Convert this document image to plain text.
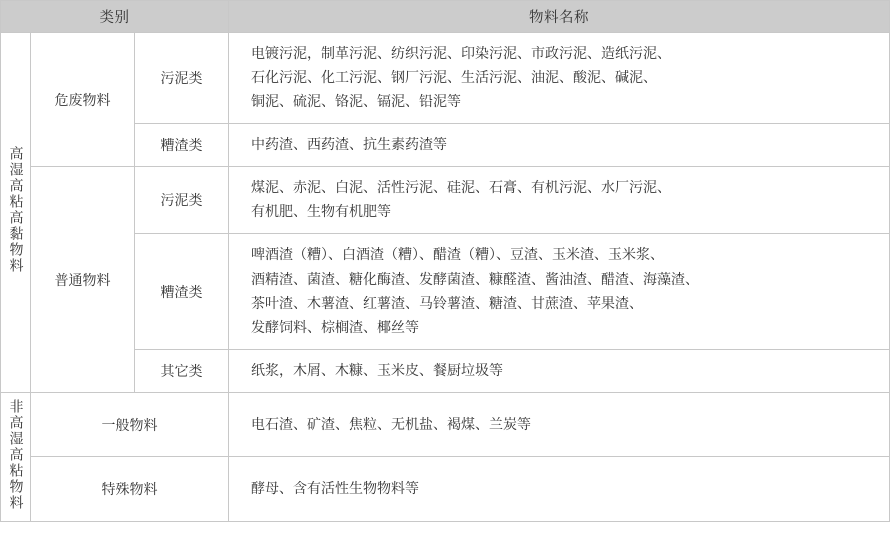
类别			物料名称
高湿高粘高黏物料	危废物料	污泥类	电镀污泥，制革污泥、纺织污泥、印染污泥、市政污泥、造纸污泥、
石化污泥、化工污泥、钢厂污泥、生活污泥、油泥、酸泥、碱泥、
铜泥、硫泥、铬泥、镉泥、铅泥等

		糟渣类	中药渣、西药渣、抗生素药渣等

	普通物料	污泥类	煤泥、赤泥、白泥、活性污泥、硅泥、石膏、有机污泥、水厂污泥、
有机肥、生物有机肥等

		糟渣类	啤酒渣（糟）、白酒渣（糟）、醋渣（糟）、豆渣、玉米渣、玉米浆、
酒精渣、菌渣、糖化酶渣、发酵菌渣、糠醛渣、酱油渣、醋渣、海藻渣、
茶叶渣、木薯渣、红薯渣、马铃薯渣、糖渣、甘蔗渣、苹果渣、
发酵饲料、棕榈渣、椰丝等

		其它类	纸浆，木屑、木糠、玉米皮、餐厨垃圾等

非高湿高粘物料	一般物料		电石渣、矿渣、焦粒、无机盐、褐煤、兰炭等

	特殊物料		酵母、含有活性生物物料等
